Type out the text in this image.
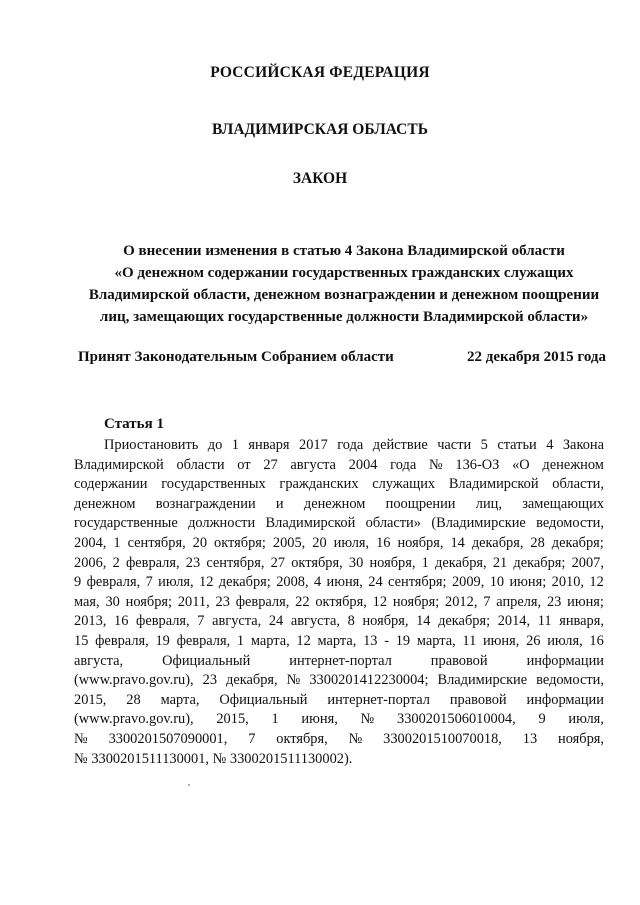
РОССИЙСКАЯ ФЕДЕРАЦИЯ
ВЛАДИМИРСКАЯ ОБЛАСТЬ
ЗАКОН
О внесении изменения в статью 4 Закона Владимирской области
«О денежном содержании государственных гражданских служащих
Владимирской области, денежном вознаграждении и денежном поощрении
лиц, замещающих государственные должности Владимирской области»
Принят Законодательным Собранием области	22 декабря 2015 года
Статья 1
Приостановить до 1 января 2017 года действие части 5 статьи 4 Закона
Владимирской области от 27 августа 2004 года № 136-ОЗ «О денежном
содержании государственных гражданских служащих Владимирской области,
денежном вознаграждении и денежном поощрении лиц, замещающих
государственные должности Владимирской области» (Владимирские ведомости,
2004, 1 сентября, 20 октября; 2005, 20 июля, 16 ноября, 14 декабря, 28 декабря;
2006, 2 февраля, 23 сентября, 27 октября, 30 ноября, 1 декабря, 21 декабря; 2007,
9 февраля, 7 июля, 12 декабря; 2008, 4 июня, 24 сентября; 2009, 10 июня; 2010, 12
мая, 30 ноября; 2011, 23 февраля, 22 октября, 12 ноября; 2012, 7 апреля, 23 июня;
2013, 16 февраля, 7 августа, 24 августа, 8 ноября, 14 декабря; 2014, 11 января,
15 февраля, 19 февраля, 1 марта, 12 марта, 13 - 19 марта, 11 июня, 26 июля, 16
августа,	Официальный	интернет-портал	правовой	информации
(www.pravo.gov.ru), 23 декабря, № 3300201412230004; Владимирские ведомости,
2015, 28 марта, Официальный интернет-портал правовой информации
(www.pravo.gov.ru), 2015, 1 июня, № 3300201506010004, 9 июля,
№ 3300201507090001, 7 октября, № 3300201510070018, 13 ноября,
№ 3300201511130001, № 3300201511130002).
